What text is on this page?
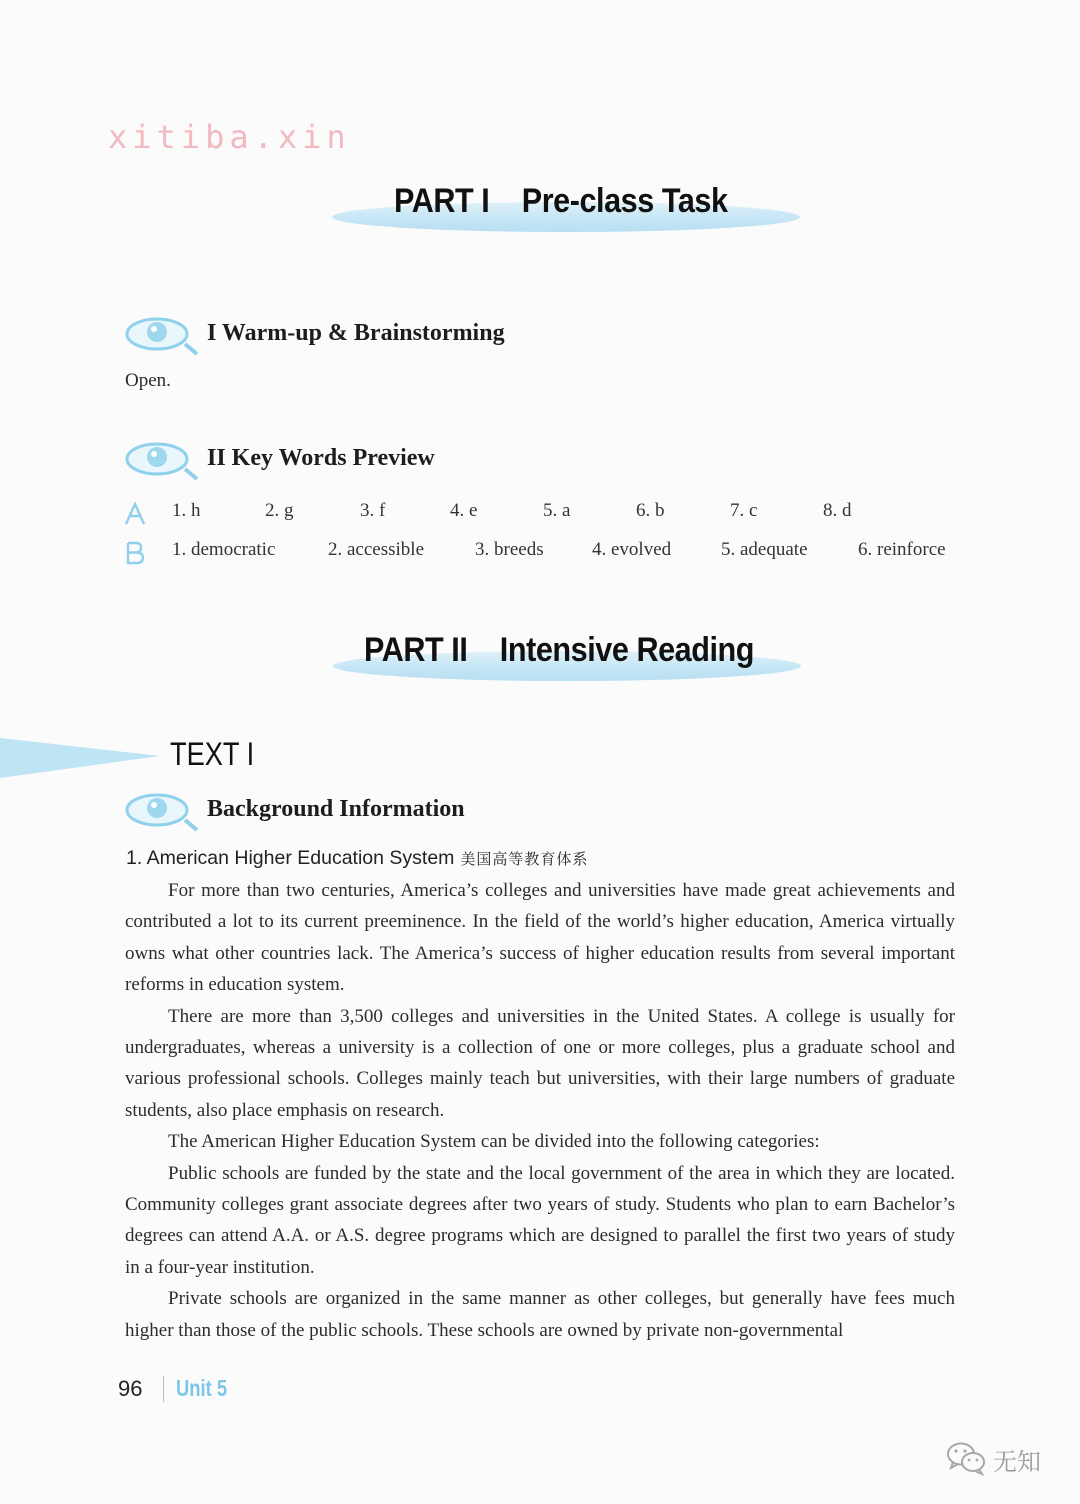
xitiba.xin
PART I Pre-class Task
I Warm-up & Brainstorming
Open.
II Key Words Preview
1. h	2. g	3. f	4. e	5. a	6. b	7. c	8. d
1. democratic	2. accessible	3. breeds	4. evolved	5. adequate	6. reinforce
PART II Intensive Reading
TEXT I
Background Information
1. American Higher Education System 美国高等教育体系

For more than two centuries, America’s colleges and universities have made great achievements and contributed a lot to its current preeminence. In the field of the world’s higher education, America virtually owns what other countries lack. The America’s success of higher education results from several important reforms in education system.

There are more than 3,500 colleges and universities in the United States. A college is usually for undergraduates, whereas a university is a collection of one or more colleges, plus a graduate school and various professional schools. Colleges mainly teach but universities, with their large numbers of graduate students, also place emphasis on research.

The American Higher Education System can be divided into the following categories:

Public schools are funded by the state and the local government of the area in which they are located. Community colleges grant associate degrees after two years of study. Students who plan to earn Bachelor’s degrees can attend A.A. or A.S. degree programs which are designed to parallel the first two years of study in a four-year institution.

Private schools are organized in the same manner as other colleges, but generally have fees much higher than those of the public schools. These schools are owned by private non-governmental

96 Unit 5
无知
